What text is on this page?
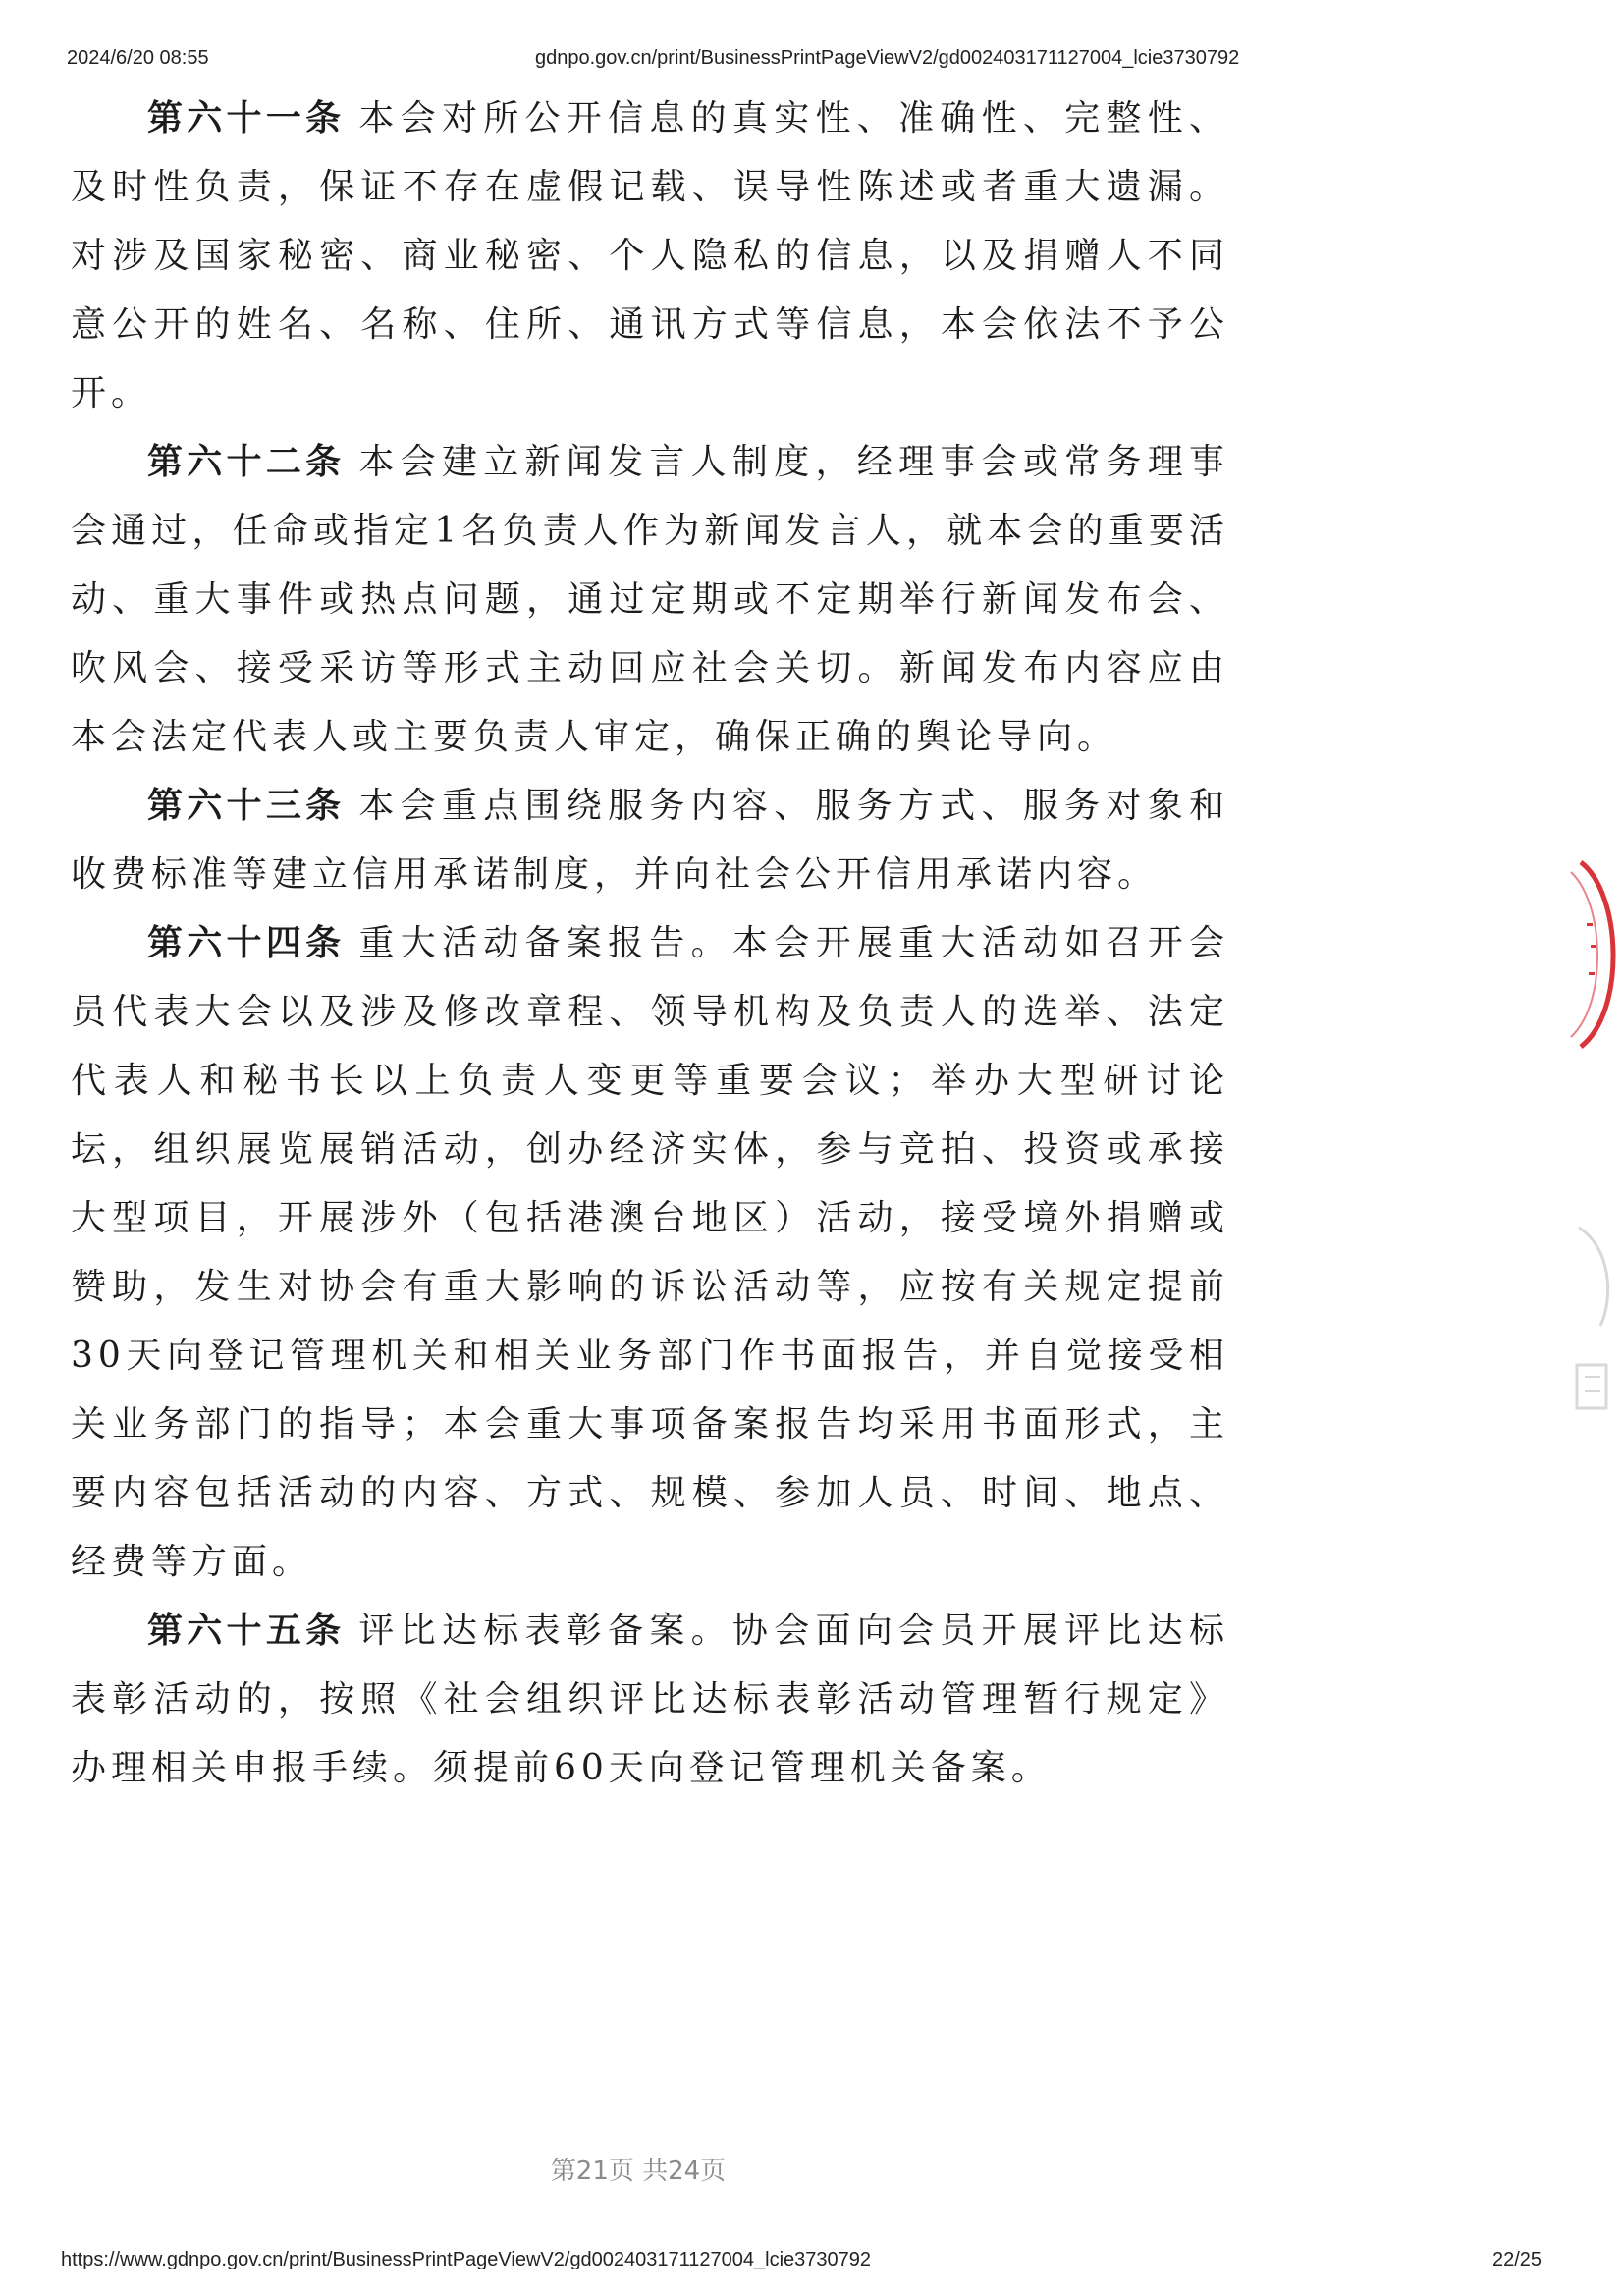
2024/6/20 08:55	gdnpo.gov.cn/print/BusinessPrintPageViewV2/gd002403171127004_lcie3730792

第六十一条 本会对所公开信息的真实性、准确性、完整性、及时性负责，保证不存在虚假记载、误导性陈述或者重大遗漏。对涉及国家秘密、商业秘密、个人隐私的信息，以及捐赠人不同意公开的姓名、名称、住所、通讯方式等信息，本会依法不予公开。

第六十二条 本会建立新闻发言人制度，经理事会或常务理事会通过，任命或指定1名负责人作为新闻发言人，就本会的重要活动、重大事件或热点问题，通过定期或不定期举行新闻发布会、吹风会、接受采访等形式主动回应社会关切。新闻发布内容应由本会法定代表人或主要负责人审定，确保正确的舆论导向。

第六十三条 本会重点围绕服务内容、服务方式、服务对象和收费标准等建立信用承诺制度，并向社会公开信用承诺内容。

第六十四条 重大活动备案报告。本会开展重大活动如召开会员代表大会以及涉及修改章程、领导机构及负责人的选举、法定代表人和秘书长以上负责人变更等重要会议；举办大型研讨论坛，组织展览展销活动，创办经济实体，参与竞拍、投资或承接大型项目，开展涉外（包括港澳台地区）活动，接受境外捐赠或赞助，发生对协会有重大影响的诉讼活动等，应按有关规定提前30天向登记管理机关和相关业务部门作书面报告，并自觉接受相关业务部门的指导；本会重大事项备案报告均采用书面形式，主要内容包括活动的内容、方式、规模、参加人员、时间、地点、经费等方面。

第六十五条 评比达标表彰备案。协会面向会员开展评比达标表彰活动的，按照《社会组织评比达标表彰活动管理暂行规定》办理相关申报手续。须提前60天向登记管理机关备案。

第21页 共24页
https://www.gdnpo.gov.cn/print/BusinessPrintPageViewV2/gd002403171127004_lcie3730792	22/25
